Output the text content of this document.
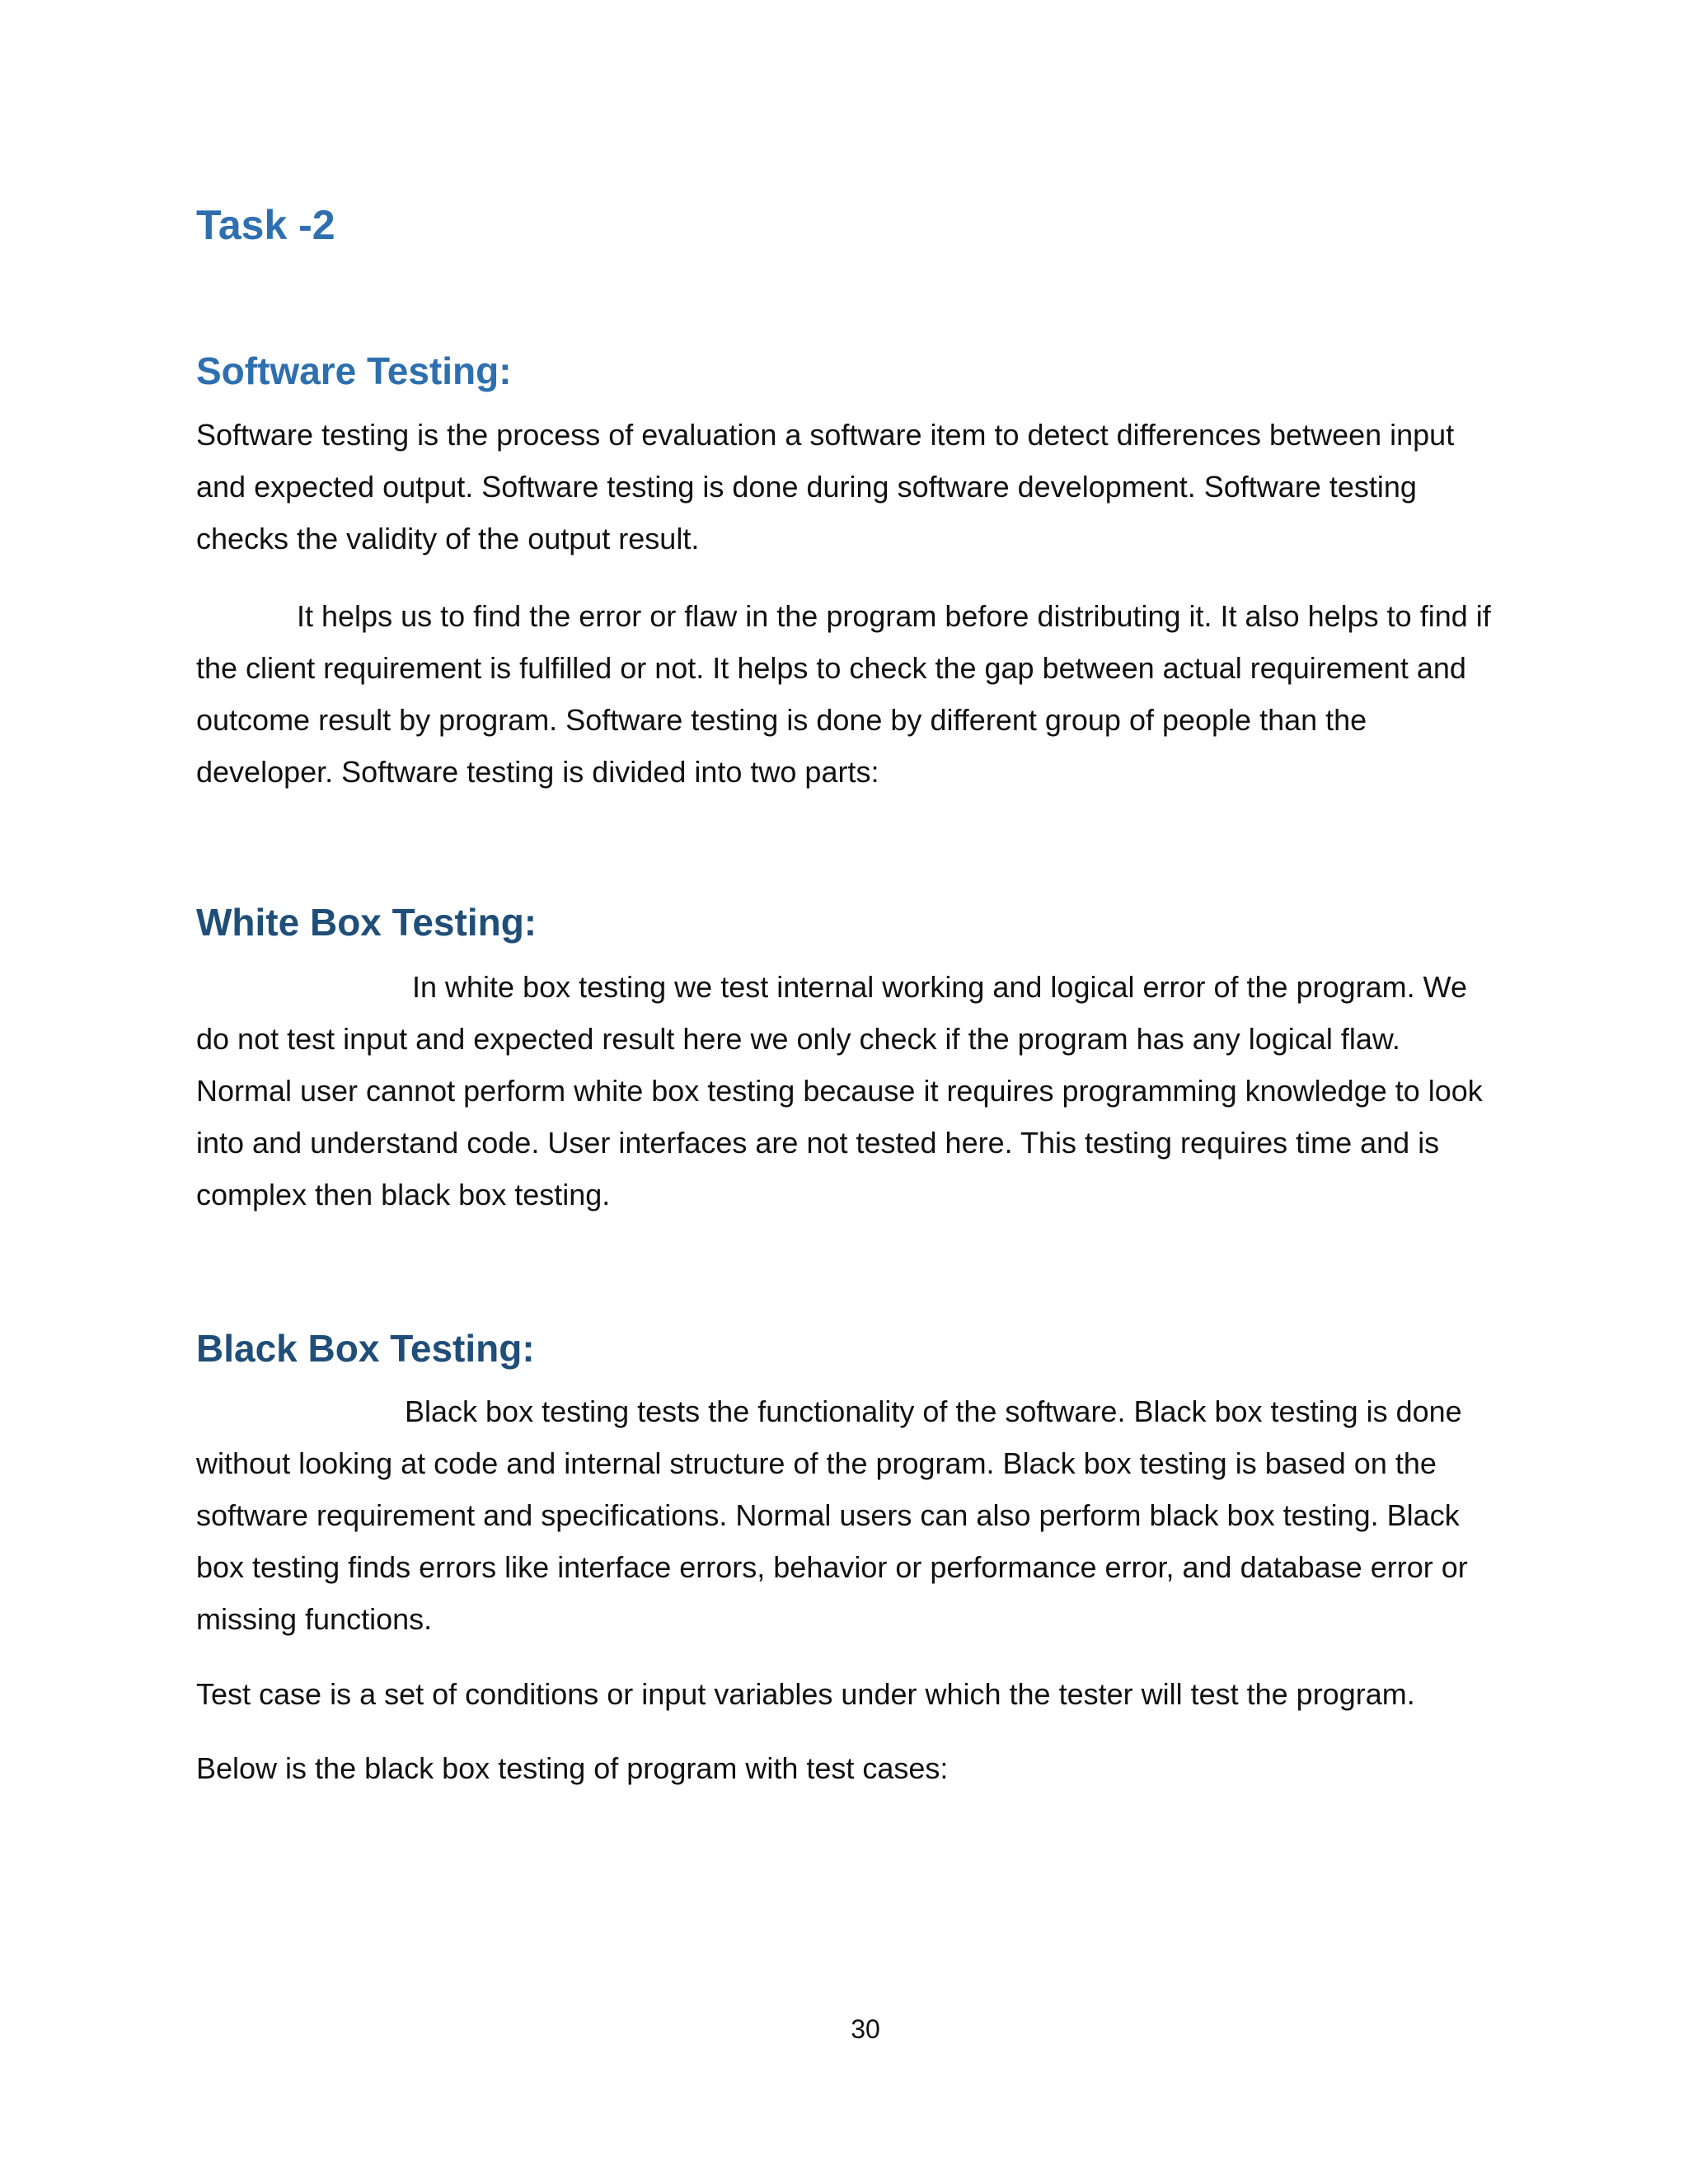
Task -2
Software Testing:
Software testing is the process of evaluation a software item to detect differences between input
and expected output. Software testing is done during software development. Software testing
checks the validity of the output result.
It helps us to find the error or flaw in the program before distributing it. It also helps to find if
the client requirement is fulfilled or not. It helps to check the gap between actual requirement and
outcome result by program. Software testing is done by different group of people than the
developer. Software testing is divided into two parts:
White Box Testing:
In white box testing we test internal working and logical error of the program. We
do not test input and expected result here we only check if the program has any logical flaw.
Normal user cannot perform white box testing because it requires programming knowledge to look
into and understand code. User interfaces are not tested here. This testing requires time and is
complex then black box testing.
Black Box Testing:
Black box testing tests the functionality of the software. Black box testing is done
without looking at code and internal structure of the program. Black box testing is based on the
software requirement and specifications. Normal users can also perform black box testing. Black
box testing finds errors like interface errors, behavior or performance error, and database error or
missing functions.
Test case is a set of conditions or input variables under which the tester will test the program.
Below is the black box testing of program with test cases:
30
